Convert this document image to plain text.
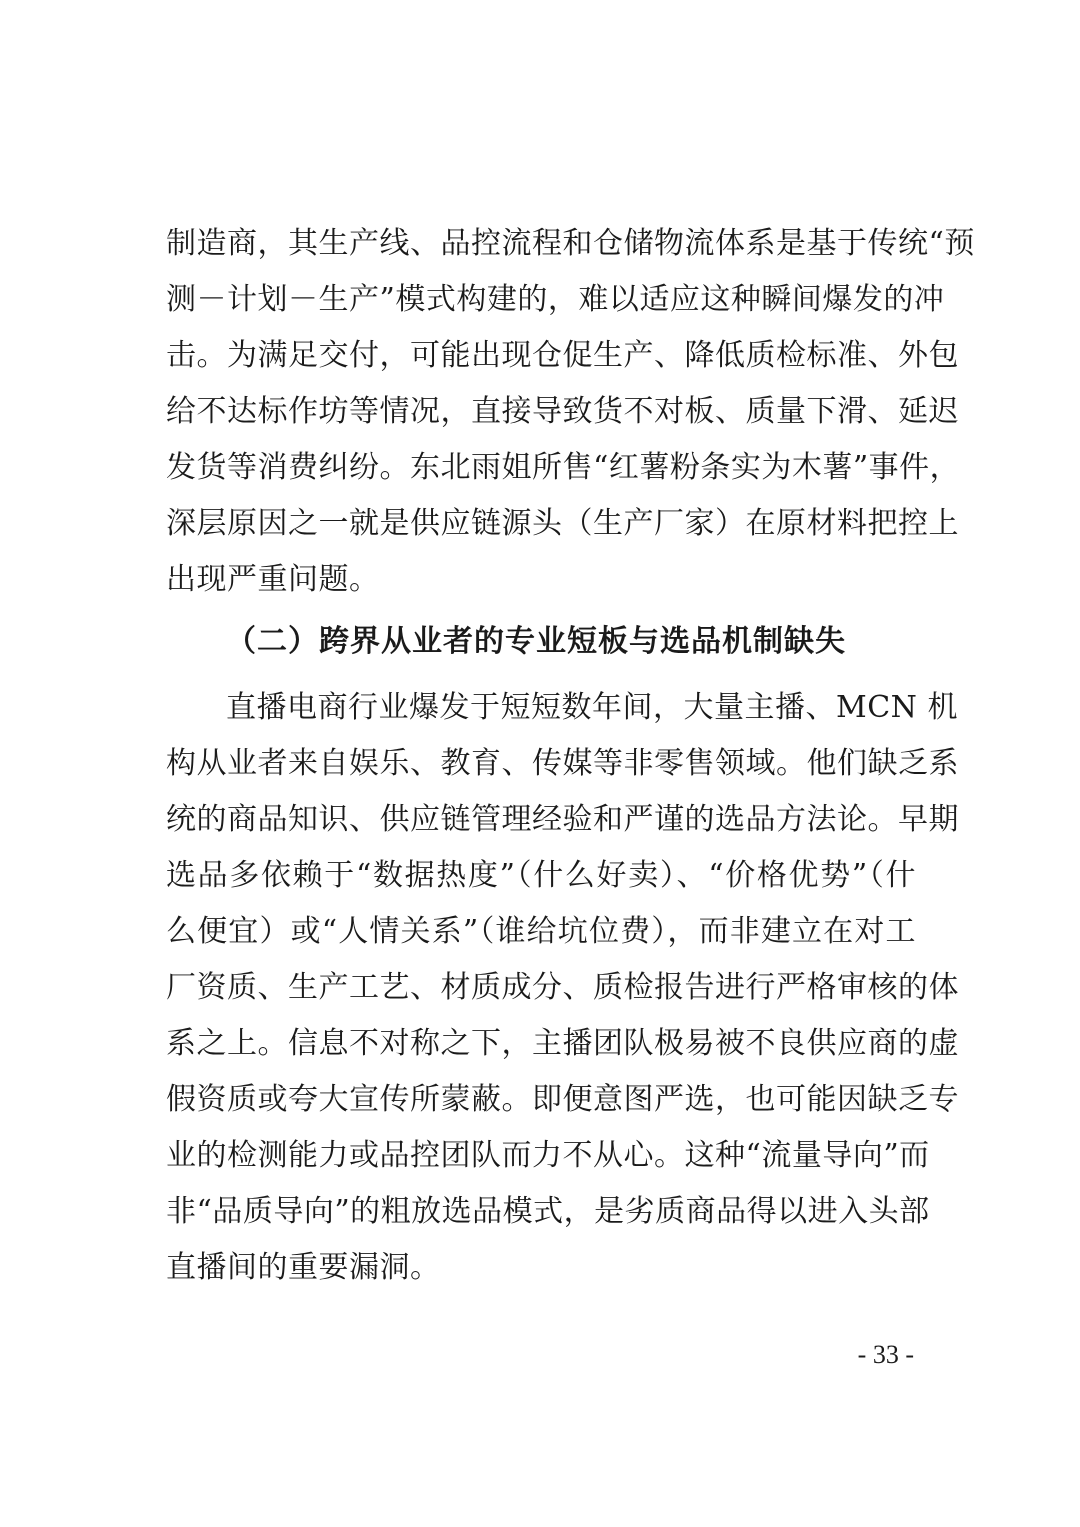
制造商，其生产线、品控流程和仓储物流体系是基于传统“预
测－计划－生产”模式构建的，难以适应这种瞬间爆发的冲
击。为满足交付，可能出现仓促生产、降低质检标准、外包
给不达标作坊等情况，直接导致货不对板、质量下滑、延迟
发货等消费纠纷。东北雨姐所售“红薯粉条实为木薯”事件，
深层原因之一就是供应链源头（生产厂家）在原材料把控上
出现严重问题。
（二）跨界从业者的专业短板与选品机制缺失
直播电商行业爆发于短短数年间，大量主播、MCN 机
构从业者来自娱乐、教育、传媒等非零售领域。他们缺乏系
统的商品知识、供应链管理经验和严谨的选品方法论。早期
选品多依赖于“数据热度”（什么好卖）、“价格优势”（什
么便宜）或“人情关系”（谁给坑位费），而非建立在对工
厂资质、生产工艺、材质成分、质检报告进行严格审核的体
系之上。信息不对称之下，主播团队极易被不良供应商的虚
假资质或夸大宣传所蒙蔽。即便意图严选，也可能因缺乏专
业的检测能力或品控团队而力不从心。这种“流量导向”而
非“品质导向”的粗放选品模式，是劣质商品得以进入头部
直播间的重要漏洞。
- 33 -
